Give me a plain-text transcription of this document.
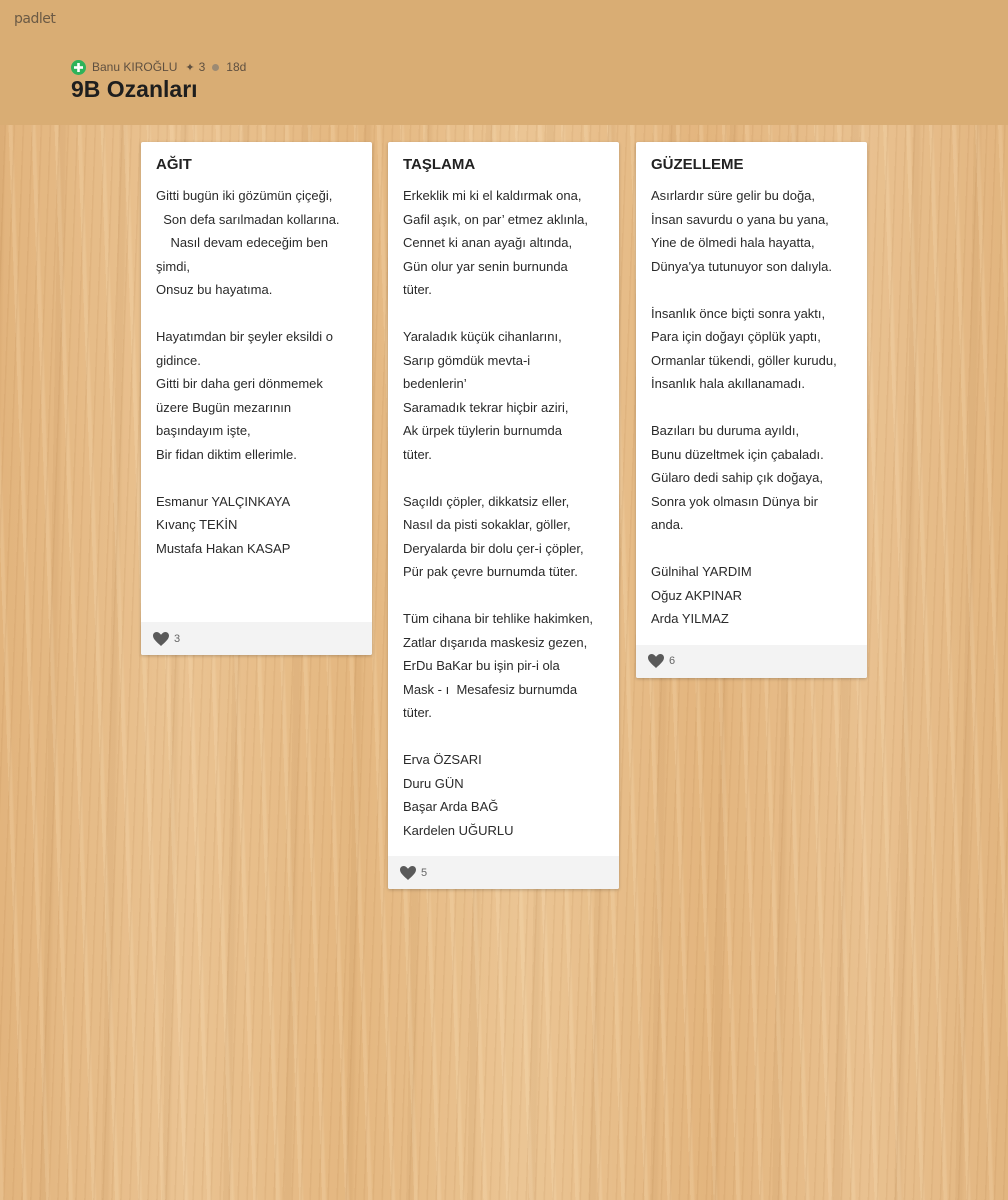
padlet
Banu KIROĞLU ✦ 3 18d
9B Ozanları
AĞIT
Gitti bugün iki gözümün çiçeği,
Son defa sarılmadan kollarına.
Nasıl devam edeceğim ben
şimdi,
Onsuz bu hayatıma.
Hayatımdan bir şeyler eksildi o
gidince.
Gitti bir daha geri dönmemek
üzere Bugün mezarının
başındayım işte,
Bir fidan diktim ellerimle.
Esmanur YALÇINKAYA
Kıvanç TEKİN
Mustafa Hakan KASAP
3
TAŞLAMA
Erkeklik mi ki el kaldırmak ona,
Gafil aşık, on par’ etmez aklınla,
Cennet ki anan ayağı altında,
Gün olur yar senin burnunda
tüter.
Yaraladık küçük cihanlarını,
Sarıp gömdük mevta-i
bedenlerin’
Saramadık tekrar hiçbir aziri,
Ak ürpek tüylerin burnumda
tüter.
Saçıldı çöpler, dikkatsiz eller,
Nasıl da pisti sokaklar, göller,
Deryalarda bir dolu çer-i çöpler,
Pür pak çevre burnumda tüter.
Tüm cihana bir tehlike hakimken,
Zatlar dışarıda maskesiz gezen,
ErDu BaKar bu işin pir-i ola
Mask - ı  Mesafesiz burnumda
tüter.
Erva ÖZSARI
Duru GÜN
Başar Arda BAĞ
Kardelen UĞURLU
5
GÜZELLEME
Asırlardır süre gelir bu doğa,
İnsan savurdu o yana bu yana,
Yine de ölmedi hala hayatta,
Dünya'ya tutunuyor son dalıyla.
İnsanlık önce biçti sonra yaktı,
Para için doğayı çöplük yaptı,
Ormanlar tükendi, göller kurudu,
İnsanlık hala akıllanamadı.
Bazıları bu duruma ayıldı,
Bunu düzeltmek için çabaladı.
Gülaro dedi sahip çık doğaya,
Sonra yok olmasın Dünya bir
anda.
Gülnihal YARDIM
Oğuz AKPINAR
Arda YILMAZ
6
